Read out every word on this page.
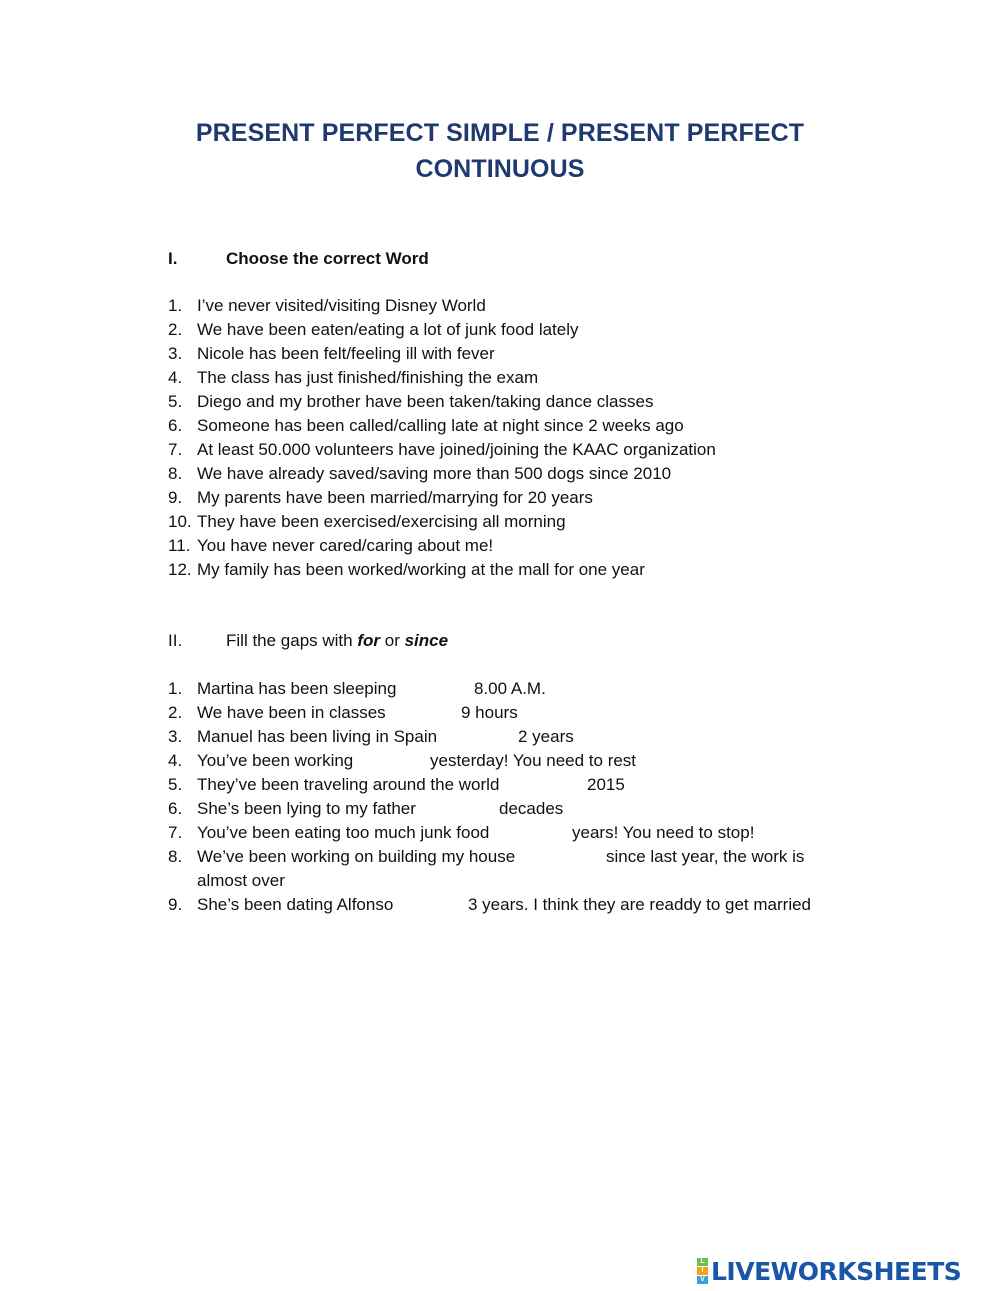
PRESENT PERFECT SIMPLE / PRESENT PERFECT
CONTINUOUS
I.	Choose the correct Word
1. I’ve never visited/visiting Disney World
2. We have been eaten/eating a lot of junk food lately
3. Nicole has been felt/feeling ill with fever
4. The class has just finished/finishing the exam
5. Diego and my brother have been taken/taking dance classes
6. Someone has been called/calling late at night since 2 weeks ago
7. At least 50.000 volunteers have joined/joining the KAAC organization
8. We have already saved/saving more than 500 dogs since 2010
9. My parents have been married/marrying for 20 years
10. They have been exercised/exercising all morning
11. You have never cared/caring about me!
12. My family has been worked/working at the mall for one year
II.	Fill the gaps with for or since
1. Martina has been sleeping	8.00 A.M.
2. We have been in classes	9 hours
3. Manuel has been living in Spain	2 years
4. You’ve been working	yesterday! You need to rest
5. They’ve been traveling around the world	2015
6. She’s been lying to my father	decades
7. You’ve been eating too much junk food	years! You need to stop!
8. We’ve been working on building my house	since last year, the work is
almost over
9. She’s been dating Alfonso	3 years. I think they are readdy to get married
L
I
V LIVEWORKSHEETS
